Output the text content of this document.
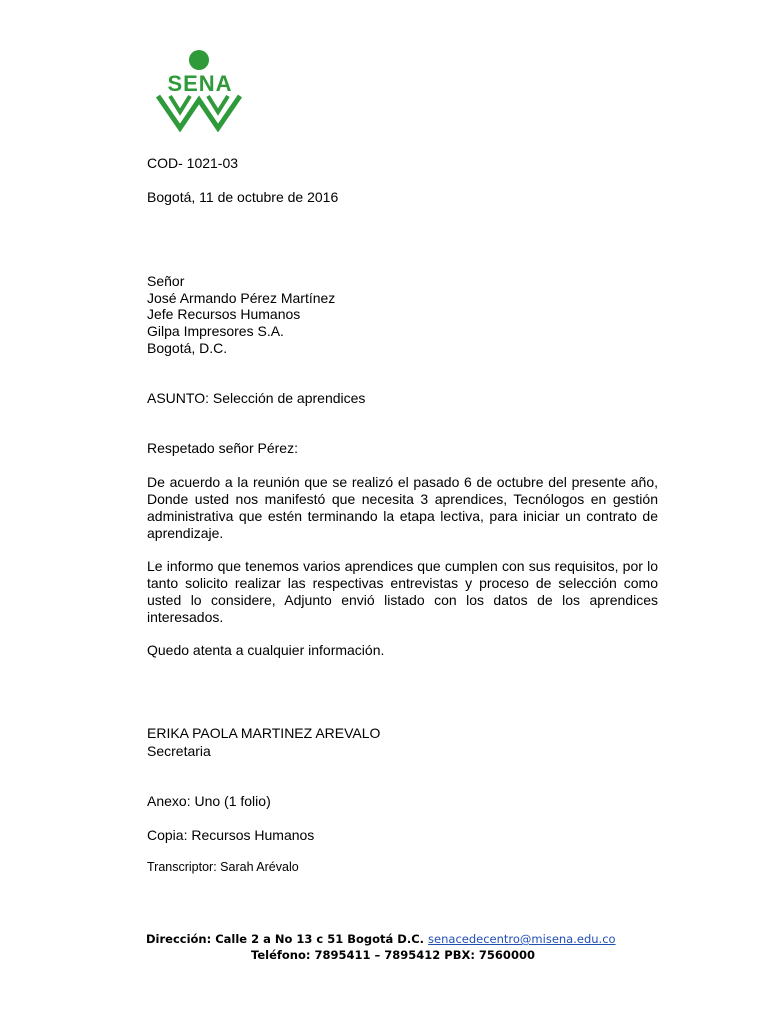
SENA
COD- 1021-03
Bogotá, 11 de octubre de 2016
Señor
José Armando Pérez Martínez
Jefe Recursos Humanos
Gilpa Impresores S.A.
Bogotá, D.C.
ASUNTO: Selección de aprendices
Respetado señor Pérez:
De acuerdo a la reunión que se realizó el pasado 6 de octubre del presente año, Donde usted nos manifestó que necesita 3 aprendices, Tecnólogos en gestión administrativa que estén terminando la etapa lectiva, para iniciar un contrato de aprendizaje.
Le informo que tenemos varios aprendices que cumplen con sus requisitos, por lo tanto solicito realizar las respectivas entrevistas y proceso de selección como usted lo considere, Adjunto envió listado con los datos de los aprendices interesados.
Quedo atenta a cualquier información.
ERIKA PAOLA MARTINEZ AREVALO
Secretaria
Anexo: Uno (1 folio)
Copia: Recursos Humanos
Transcriptor: Sarah Arévalo
Dirección: Calle 2 a No 13 c 51 Bogotá D.C. senacedecentro@misena.edu.co
Teléfono: 7895411 – 7895412 PBX: 7560000
